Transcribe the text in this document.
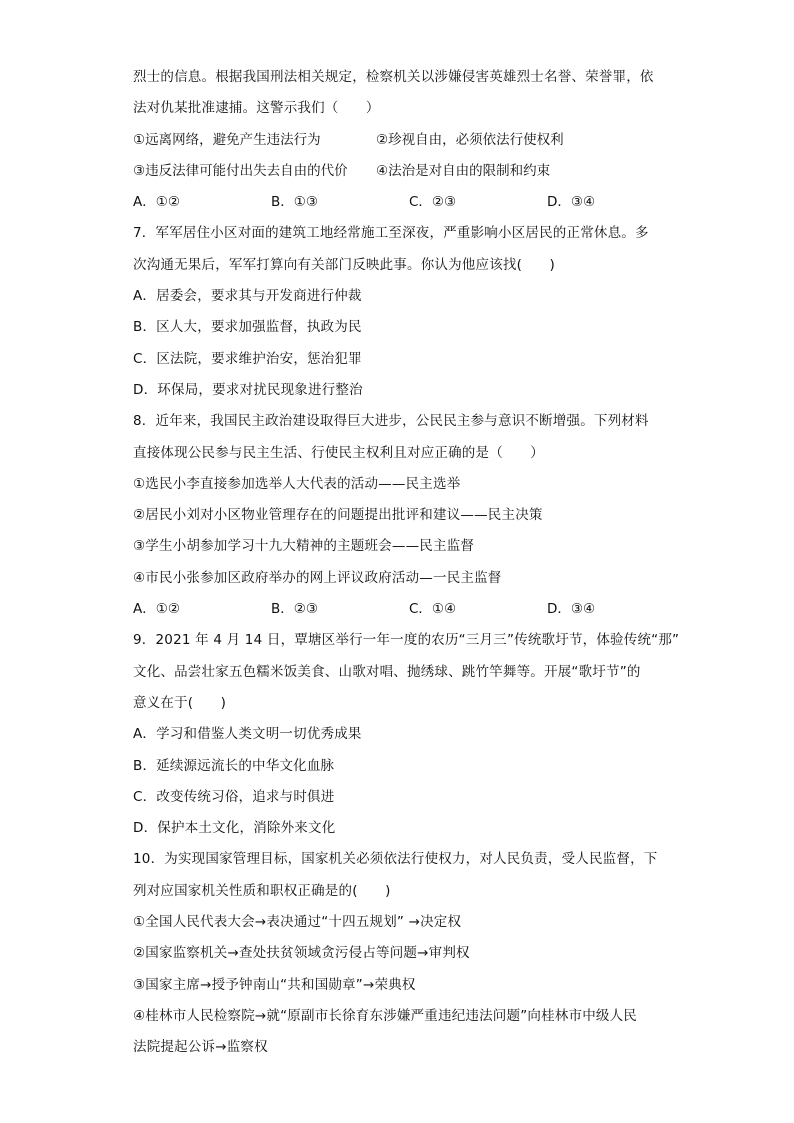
烈士的信息。根据我国刑法相关规定，检察机关以涉嫌侵害英雄烈士名誉、荣誉罪，依
法对仇某批准逮捕。这警示我们（　　）
①远离网络，避免产生违法行为	②珍视自由，必须依法行使权利
③违反法律可能付出失去自由的代价	④法治是对自由的限制和约束
A．①②	B．①③	C．②③	D．③④
7．军军居住小区对面的建筑工地经常施工至深夜，严重影响小区居民的正常休息。多
次沟通无果后，军军打算向有关部门反映此事。你认为他应该找(　　)
A．居委会，要求其与开发商进行仲裁
B．区人大，要求加强监督，执政为民
C．区法院，要求维护治安，惩治犯罪
D．环保局，要求对扰民现象进行整治
8．近年来，我国民主政治建设取得巨大进步，公民民主参与意识不断增强。下列材料
直接体现公民参与民主生活、行使民主权利且对应正确的是（　　）
①选民小李直接参加选举人大代表的活动——民主选举
②居民小刘对小区物业管理存在的问题提出批评和建议——民主决策
③学生小胡参加学习十九大精神的主题班会——民主监督
④市民小张参加区政府举办的网上评议政府活动—一民主监督
A．①②	B．②③	C．①④	D．③④
9．2021 年 4 月 14 日，覃塘区举行一年一度的农历“三月三”传统歌圩节，体验传统“那”
文化、品尝壮家五色糯米饭美食、山歌对唱、抛绣球、跳竹竿舞等。开展“歌圩节”的
意义在于(　　)
A．学习和借鉴人类文明一切优秀成果
B．延续源远流长的中华文化血脉
C．改变传统习俗，追求与时俱进
D．保护本土文化，消除外来文化
10．为实现国家管理目标，国家机关必须依法行使权力，对人民负责，受人民监督，下
列对应国家机关性质和职权正确是的(　　)
①全国人民代表大会→表决通过“十四五规划” →决定权
②国家监察机关→查处扶贫领域贪污侵占等问题→审判权
③国家主席→授予钟南山“共和国勋章”→荣典权
④桂林市人民检察院→就“原副市长徐育东涉嫌严重违纪违法问题”向桂林市中级人民
法院提起公诉→监察权
